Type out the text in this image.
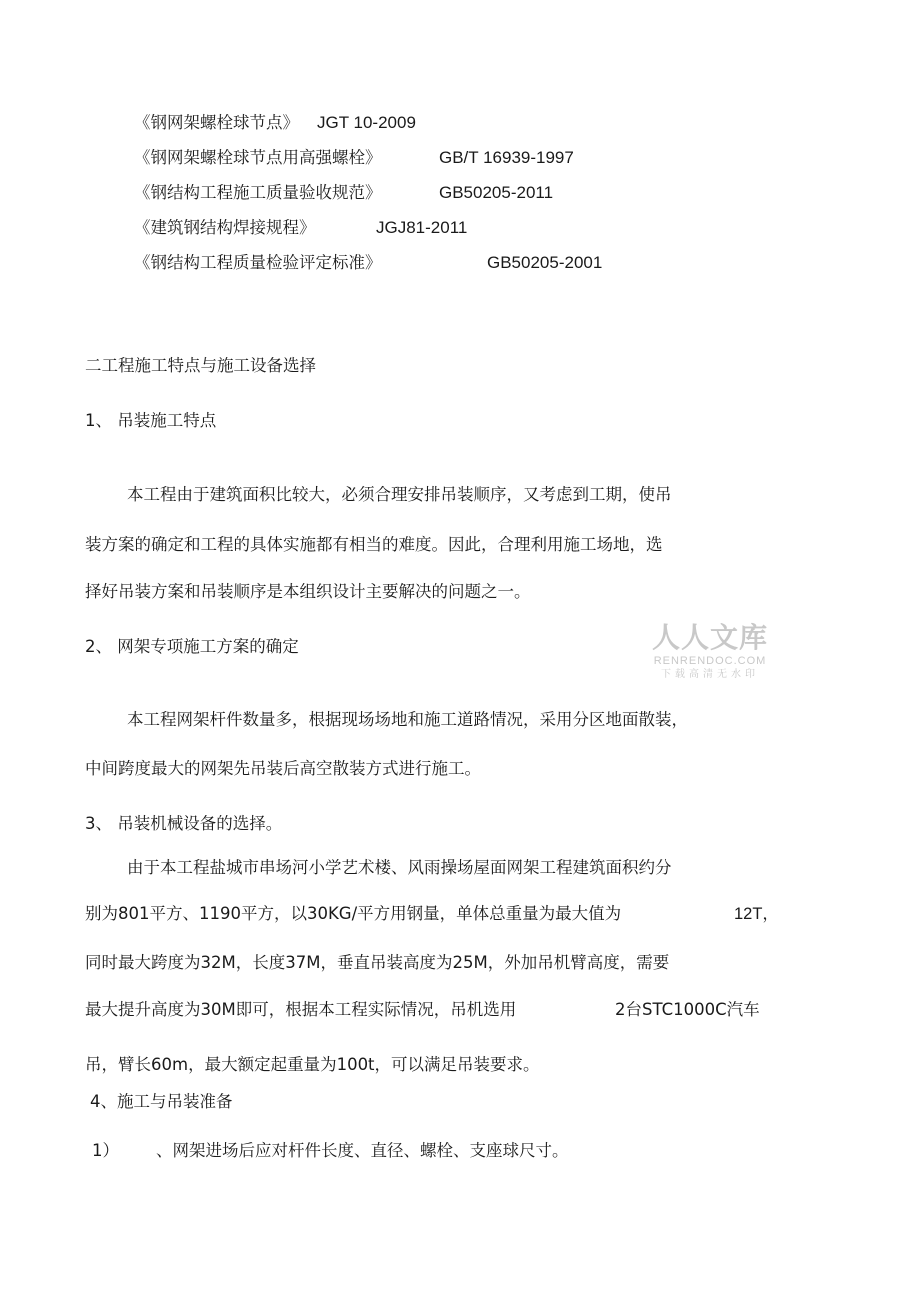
《钢网架螺栓球节点》 JGT 10-2009
《钢网架螺栓球节点用高强螺栓》	GB/T 16939-1997
《钢结构工程施工质量验收规范》	GB50205-2011
《建筑钢结构焊接规程》	JGJ81-2011
《钢结构工程质量检验评定标准》	GB50205-2001
二工程施工特点与施工设备选择
1、 吊装施工特点
本工程由于建筑面积比较大，必须合理安排吊装顺序，又考虑到工期，使吊
装方案的确定和工程的具体实施都有相当的难度。因此，合理利用施工场地，选
择好吊装方案和吊装顺序是本组织设计主要解决的问题之一。
2、 网架专项施工方案的确定
本工程网架杆件数量多，根据现场场地和施工道路情况，采用分区地面散装，
中间跨度最大的网架先吊装后高空散装方式进行施工。
3、 吊装机械设备的选择。
由于本工程盐城市串场河小学艺术楼、风雨操场屋面网架工程建筑面积约分
别为801平方、1190平方，以30KG/平方用钢量，单体总重量为最大值为	12T，
同时最大跨度为32M，长度37M，垂直吊装高度为25M，外加吊机臂高度，需要
最大提升高度为30M即可，根据本工程实际情况，吊机选用	2台STC1000C汽车
吊，臂长60m，最大额定起重量为100t，可以满足吊装要求。
4、施工与吊装准备
1） 、网架进场后应对杆件长度、直径、螺栓、支座球尺寸。
人人文库
RENRENDOC.COM
下载高清无水印
